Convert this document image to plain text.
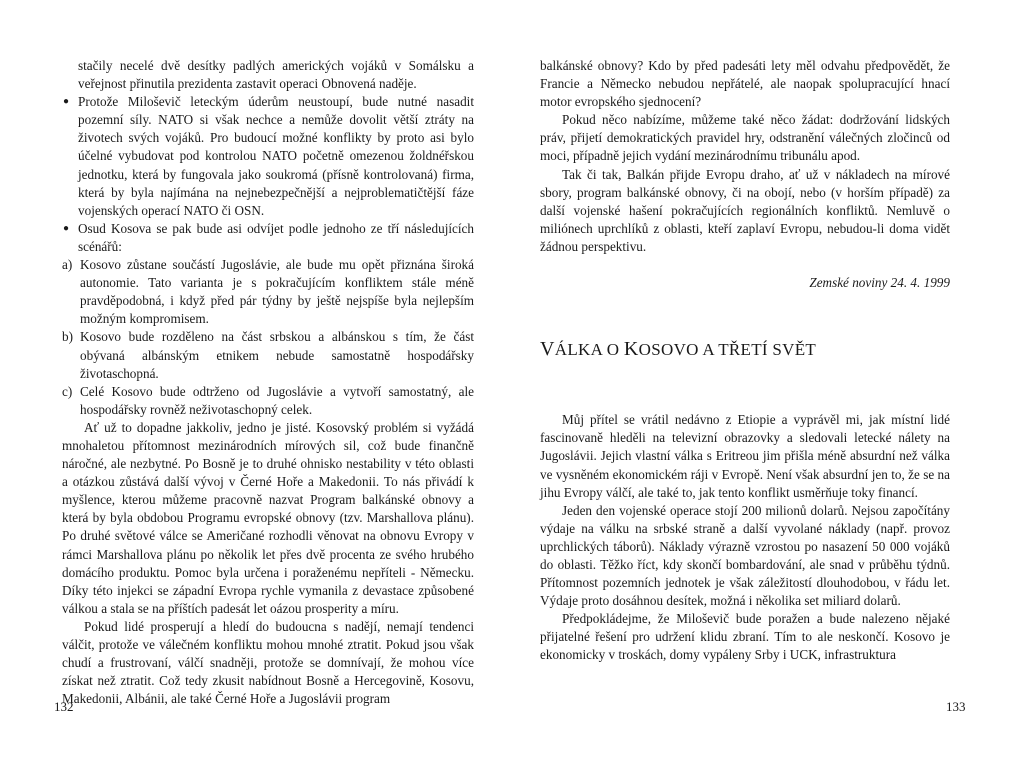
stačily necelé dvě desítky padlých amerických vojáků v Somálsku a veřejnost přinutila prezidenta zastavit operaci Obnovená naděje.

● Protože Miloševič leteckým úderům neustoupí, bude nutné nasadit pozemní síly. NATO si však nechce a nemůže dovolit větší ztráty na životech svých vojáků. Pro budoucí možné konflikty by proto asi bylo účelné vybudovat pod kontrolou NATO početně omezenou žoldnéřskou jednotku, která by fungovala jako soukromá (přísně kontrolovaná) firma, která by byla najímána na nejnebezpečnější a nejproblematičtější fáze vojenských operací NATO či OSN.

● Osud Kosova se pak bude asi odvíjet podle jednoho ze tří následujících scénářů:

a) Kosovo zůstane součástí Jugoslávie, ale bude mu opět přiznána široká autonomie. Tato varianta je s pokračujícím konfliktem stále méně pravděpodobná, i když před pár týdny by ještě nejspíše byla nejlepším možným kompromisem.

b) Kosovo bude rozděleno na část srbskou a albánskou s tím, že část obývaná albánským etnikem nebude samostatně hospodářsky životaschopná.

c) Celé Kosovo bude odtrženo od Jugoslávie a vytvoří samostatný, ale hospodářsky rovněž neživotaschopný celek.

Ať už to dopadne jakkoliv, jedno je jisté. Kosovský problém si vyžádá mnohaletou přítomnost mezinárodních mírových sil, což bude finančně náročné, ale nezbytné. Po Bosně je to druhé ohnisko nestability v této oblasti a otázkou zůstává další vývoj v Černé Hoře a Makedonii. To nás přivádí k myšlence, kterou můžeme pracovně nazvat Program balkánské obnovy a která by byla obdobou Programu evropské obnovy (tzv. Marshallova plánu). Po druhé světové válce se Američané rozhodli věnovat na obnovu Evropy v rámci Marshallova plánu po několik let přes dvě procenta ze svého hrubého domácího produktu. Pomoc byla určena i poraženému nepříteli - Německu. Díky této injekci se západní Evropa rychle vymanila z devastace způsobené válkou a stala se na příštích padesát let oázou prosperity a míru.

Pokud lidé prosperují a hledí do budoucna s nadějí, nemají tendenci válčit, protože ve válečném konfliktu mohou mnohé ztratit. Pokud jsou však chudí a frustrovaní, válčí snadněji, protože se domnívají, že mohou více získat než ztratit. Což tedy zkusit nabídnout Bosně a Hercegovině, Kosovu, Makedonii, Albánii, ale také Černé Hoře a Jugoslávii program

132

balkánské obnovy? Kdo by před padesáti lety měl odvahu předpovědět, že Francie a Německo nebudou nepřátelé, ale naopak spolupracující hnací motor evropského sjednocení?

Pokud něco nabízíme, můžeme také něco žádat: dodržování lidských práv, přijetí demokratických pravidel hry, odstranění válečných zločinců od moci, případně jejich vydání mezinárodnímu tribunálu apod.

Tak či tak, Balkán přijde Evropu draho, ať už v nákladech na mírové sbory, program balkánské obnovy, či na obojí, nebo (v horším případě) za další vojenské hašení pokračujících regionálních konfliktů. Nemluvě o miliónech uprchlíků z oblasti, kteří zaplaví Evropu, nebudou-li doma vidět žádnou perspektivu.

Zemské noviny 24. 4. 1999

VÁLKA O KOSOVO A TŘETÍ SVĚT

Můj přítel se vrátil nedávno z Etiopie a vyprávěl mi, jak místní lidé fascinovaně hleděli na televizní obrazovky a sledovali letecké nálety na Jugoslávii. Jejich vlastní válka s Eritreou jim přišla méně absurdní než válka ve vysněném ekonomickém ráji v Evropě. Není však absurdní jen to, že se na jihu Evropy válčí, ale také to, jak tento konflikt usměrňuje toky financí.

Jeden den vojenské operace stojí 200 milionů dolarů. Nejsou započítány výdaje na válku na srbské straně a další vyvolané náklady (např. provoz uprchlických táborů). Náklady výrazně vzrostou po nasazení 50 000 vojáků do oblasti. Těžko říct, kdy skončí bombardování, ale snad v průběhu týdnů. Přítomnost pozemních jednotek je však záležitostí dlouhodobou, v řádu let. Výdaje proto dosáhnou desítek, možná i několika set miliard dolarů.

Předpokládejme, že Miloševič bude poražen a bude nalezeno nějaké přijatelné řešení pro udržení klidu zbraní. Tím to ale neskončí. Kosovo je ekonomicky v troskách, domy vypáleny Srby i UCK, infrastruktura

133
